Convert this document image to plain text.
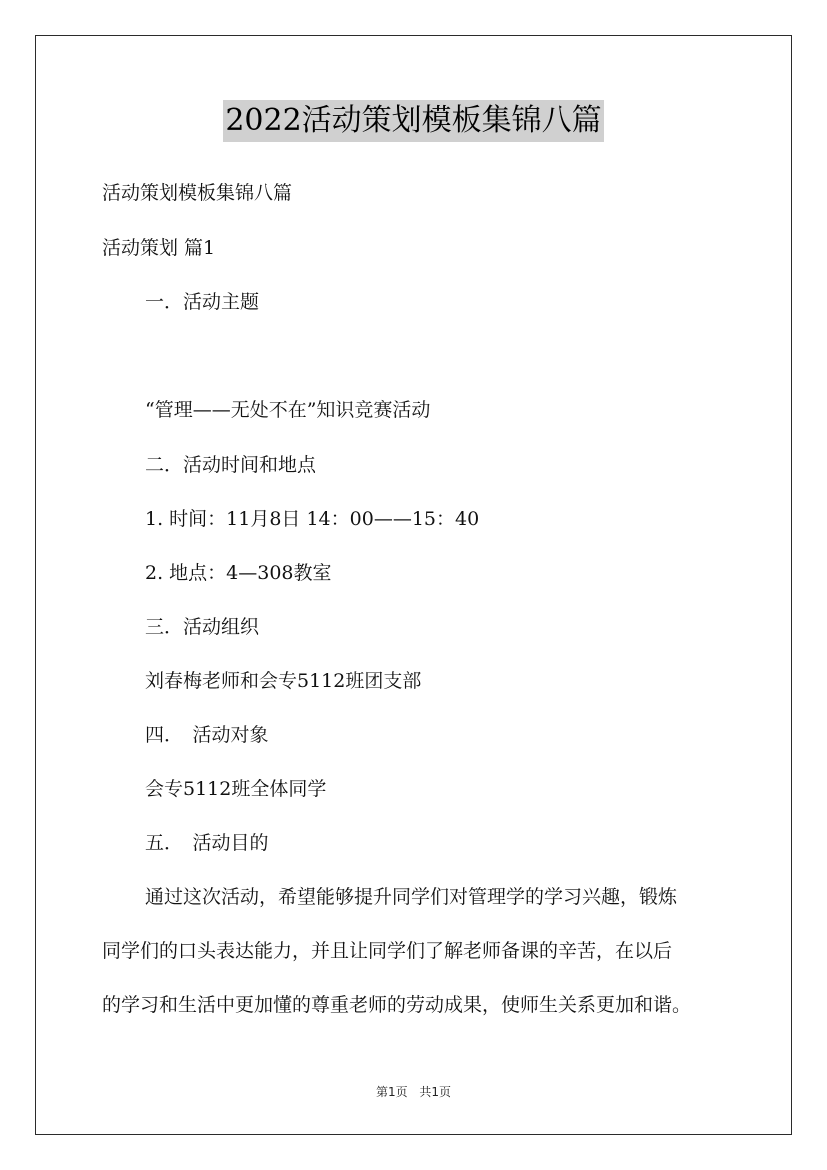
2022活动策划模板集锦八篇
活动策划模板集锦八篇
活动策划 篇1
一．活动主题
“管理——无处不在”知识竞赛活动
二．活动时间和地点
1. 时间：11月8日 14：00——15：40
2. 地点：4—308教室
三．活动组织
刘春梅老师和会专5112班团支部
四．　活动对象
会专5112班全体同学
五．　活动目的
通过这次活动，希望能够提升同学们对管理学的学习兴趣，锻炼
同学们的口头表达能力，并且让同学们了解老师备课的辛苦，在以后
的学习和生活中更加懂的尊重老师的劳动成果，使师生关系更加和谐。
第1页 共1页
